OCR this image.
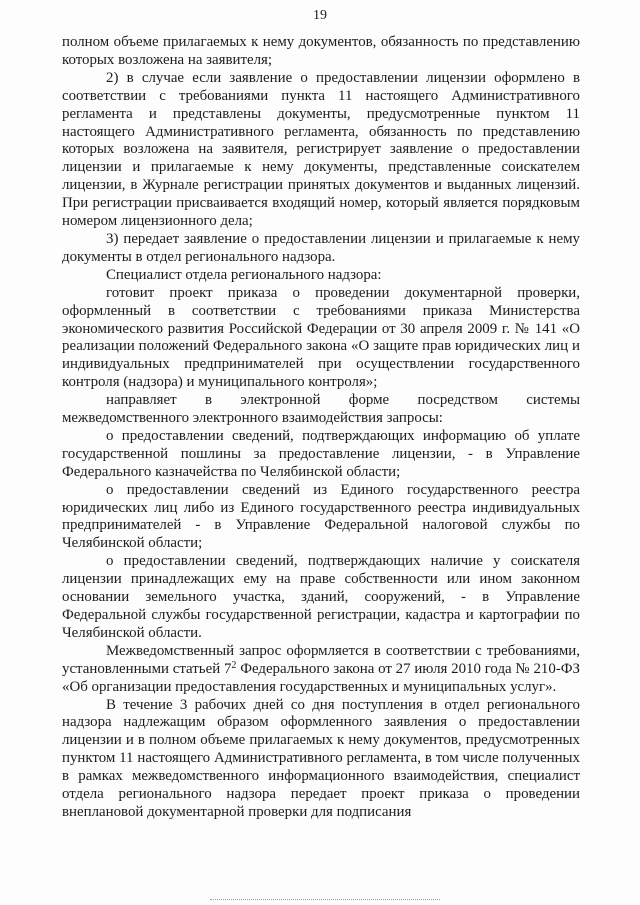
19

полном объеме прилагаемых к нему документов, обязанность по представлению которых возложена на заявителя;

2) в случае если заявление о предоставлении лицензии оформлено в соответствии с требованиями пункта 11 настоящего Административного регламента и представлены документы, предусмотренные пунктом 11 настоящего Административного регламента, обязанность по представлению которых возложена на заявителя, регистрирует заявление о предоставлении лицензии и прилагаемые к нему документы, представленные соискателем лицензии, в Журнале регистрации принятых документов и выданных лицензий. При регистрации присваивается входящий номер, который является порядковым номером лицензионного дела;

3) передает заявление о предоставлении лицензии и прилагаемые к нему документы в отдел регионального надзора.

Специалист отдела регионального надзора:

готовит проект приказа о проведении документарной проверки, оформленный в соответствии с требованиями приказа Министерства экономического развития Российской Федерации от 30 апреля 2009 г. № 141 «О реализации положений Федерального закона «О защите прав юридических лиц и индивидуальных предпринимателей при осуществлении государственного контроля (надзора) и муниципального контроля»;

направляет в электронной форме посредством системы межведомственного электронного взаимодействия запросы:

о предоставлении сведений, подтверждающих информацию об уплате государственной пошлины за предоставление лицензии, - в Управление Федерального казначейства по Челябинской области;

о предоставлении сведений из Единого государственного реестра юридических лиц либо из Единого государственного реестра индивидуальных предпринимателей - в Управление Федеральной налоговой службы по Челябинской области;

о предоставлении сведений, подтверждающих наличие у соискателя лицензии принадлежащих ему на праве собственности или ином законном основании земельного участка, зданий, сооружений, - в Управление Федеральной службы государственной регистрации, кадастра и картографии по Челябинской области.

Межведомственный запрос оформляется в соответствии с требованиями, установленными статьей $7^2$ Федерального закона от 27 июля 2010 года № 210-ФЗ «Об организации предоставления государственных и муниципальных услуг».

В течение 3 рабочих дней со дня поступления в отдел регионального надзора надлежащим образом оформленного заявления о предоставлении лицензии и в полном объеме прилагаемых к нему документов, предусмотренных пунктом 11 настоящего Административного регламента, в том числе полученных в рамках межведомственного информационного взаимодействия, специалист отдела регионального надзора передает проект приказа о проведении внеплановой документарной проверки для подписания
